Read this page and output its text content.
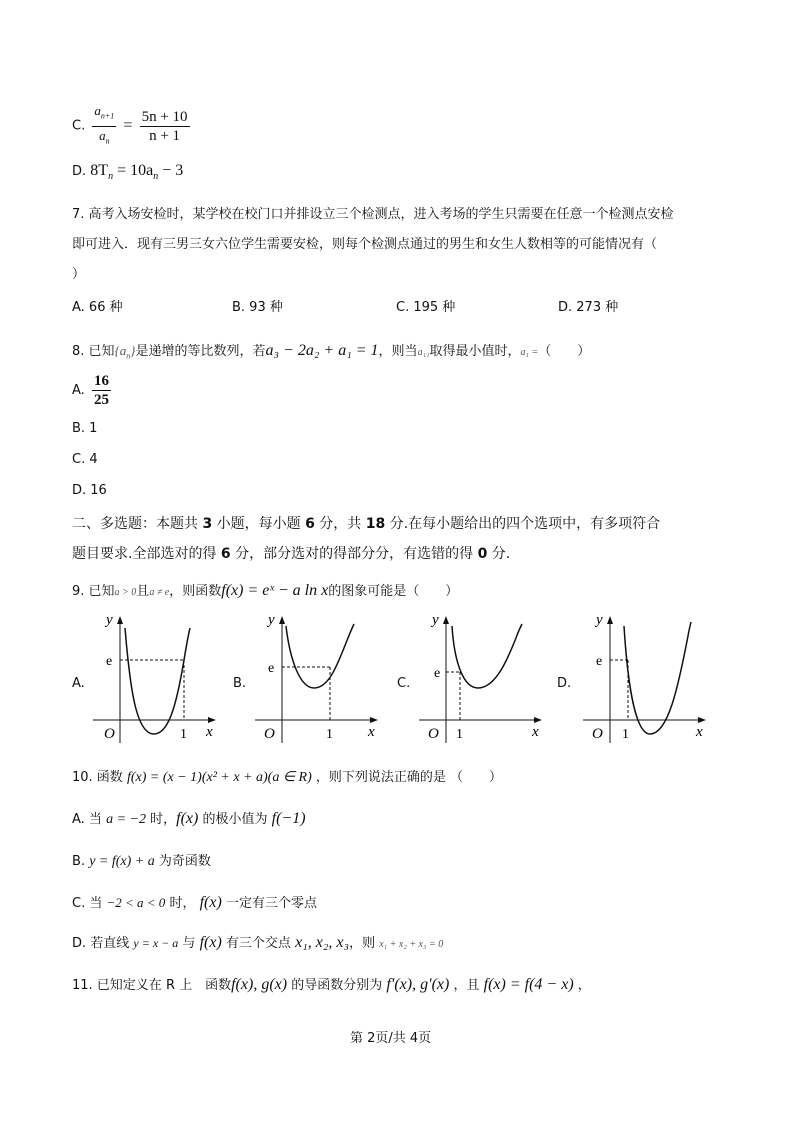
C. $\frac{a_{n+1}}{a_n} = \frac{5n + 10}{n + 1}$
D. $8T_n = 10a_n - 3$
7. 高考入场安检时，某学校在校门口并排设立三个检测点，进入考场的学生只需要在任意一个检测点安检
即可进入．现有三男三女六位学生需要安检，则每个检测点通过的男生和女生人数相等的可能情况有（
）
A. 66 种	B. 93 种	C. 195 种	D. 273 种
8. 已知$\{a_n\}$是递增的等比数列，若a₃ − 2a₂ + a₁ = 1，则当a₁₁取得最小值时，a₁ =（　　）
A. $\frac{16}{25}$
B. 1
C. 4
D. 16
二、多选题：本题共 3 小题，每小题 6 分，共 18 分.在每小题给出的四个选项中，有多项符合
题目要求.全部选对的得 6 分，部分选对的得部分分，有选错的得 0 分.
9. 已知a > 0且a ≠ e，则函数f(x) = eˣ − a ln x的图象可能是（　　）
A.
y
x
O
e
1
B.
y
x
O
e
1
C.
y
x
O
e
1
D.
y
x
O
e
1
10. 函数 f(x) = (x − 1)(x² + x + a)(a ∈ R) ，则下列说法正确的是 （　　）
A. 当 a = −2 时，f(x) 的极小值为 f(−1)
B. y = f(x) + a 为奇函数
C. 当 −2 < a < 0 时， f(x) 一定有三个零点
D. 若直线 y = x − a 与 f(x) 有三个交点 x₁, x₂, x₃，则 x₁ + x₂ + x₃ = 0
11. 已知定义在 R 上　函数f(x), g(x) 的导函数分别为 f′(x), g′(x) ，且 f(x) = f(4 − x) ，
第 2页/共 4页
